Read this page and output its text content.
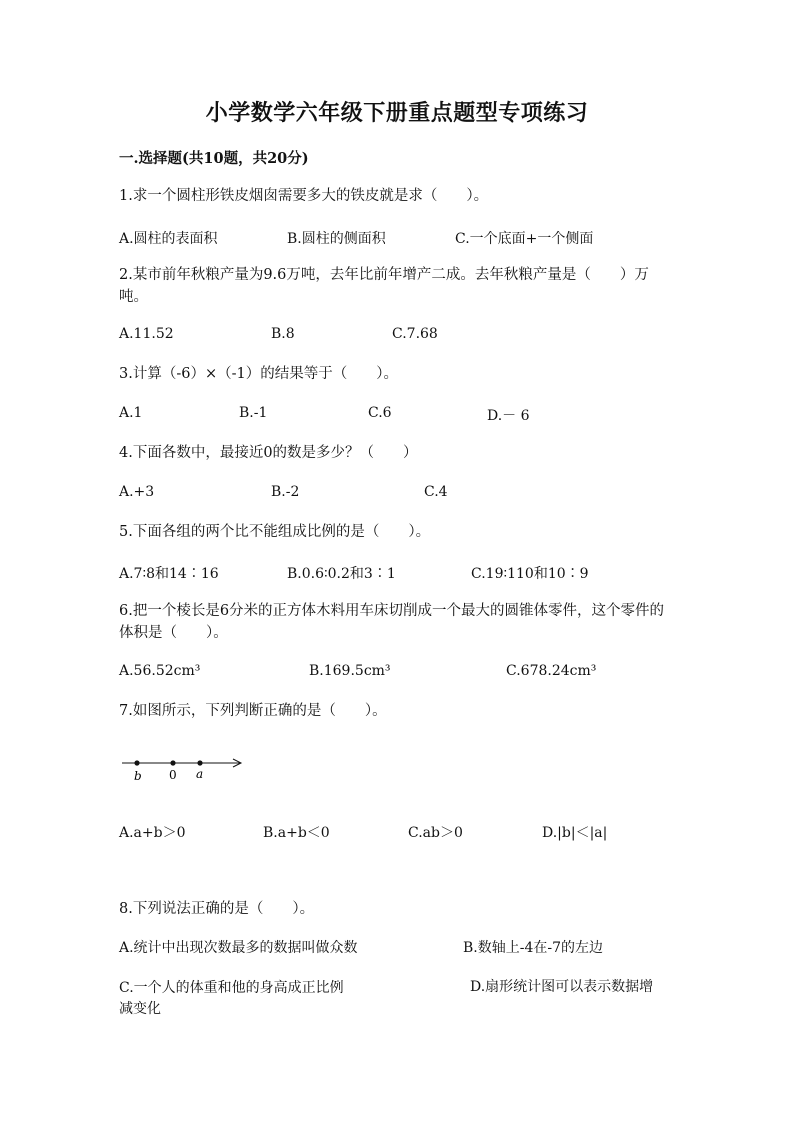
小学数学六年级下册重点题型专项练习
一.选择题(共10题，共20分)
1.求一个圆柱形铁皮烟囱需要多大的铁皮就是求（　　）。
A.圆柱的表面积	B.圆柱的侧面积	C.一个底面+一个侧面
2.某市前年秋粮产量为9.6万吨，去年比前年增产二成。去年秋粮产量是（　　）万吨。
A.11.52	B.8	C.7.68
3.计算（-6）×（-1）的结果等于（　　）。
A.1	B.-1	C.6	D.－ 6
4.下面各数中，最接近0的数是多少？（　　）
A.+3	B.-2	C.4
5.下面各组的两个比不能组成比例的是（　　）。
A.7∶8和14∶16	B.0.6∶0.2和3∶1	C.19∶110和10∶9
6.把一个棱长是6分米的正方体木料用车床切削成一个最大的圆锥体零件，这个零件的体积是（　　）。
A.56.52cm³	B.169.5cm³	C.678.24cm³
7.如图所示，下列判断正确的是（　　）。
b 0 a
A.a+b＞0	B.a+b＜0	C.ab＞0	D.|b|＜|a|
8.下列说法正确的是（　　）。
A.统计中出现次数最多的数据叫做众数	B.数轴上-4在-7的左边
C.一个人的体重和他的身高成正比例	D.扇形统计图可以表示数据增减变化
